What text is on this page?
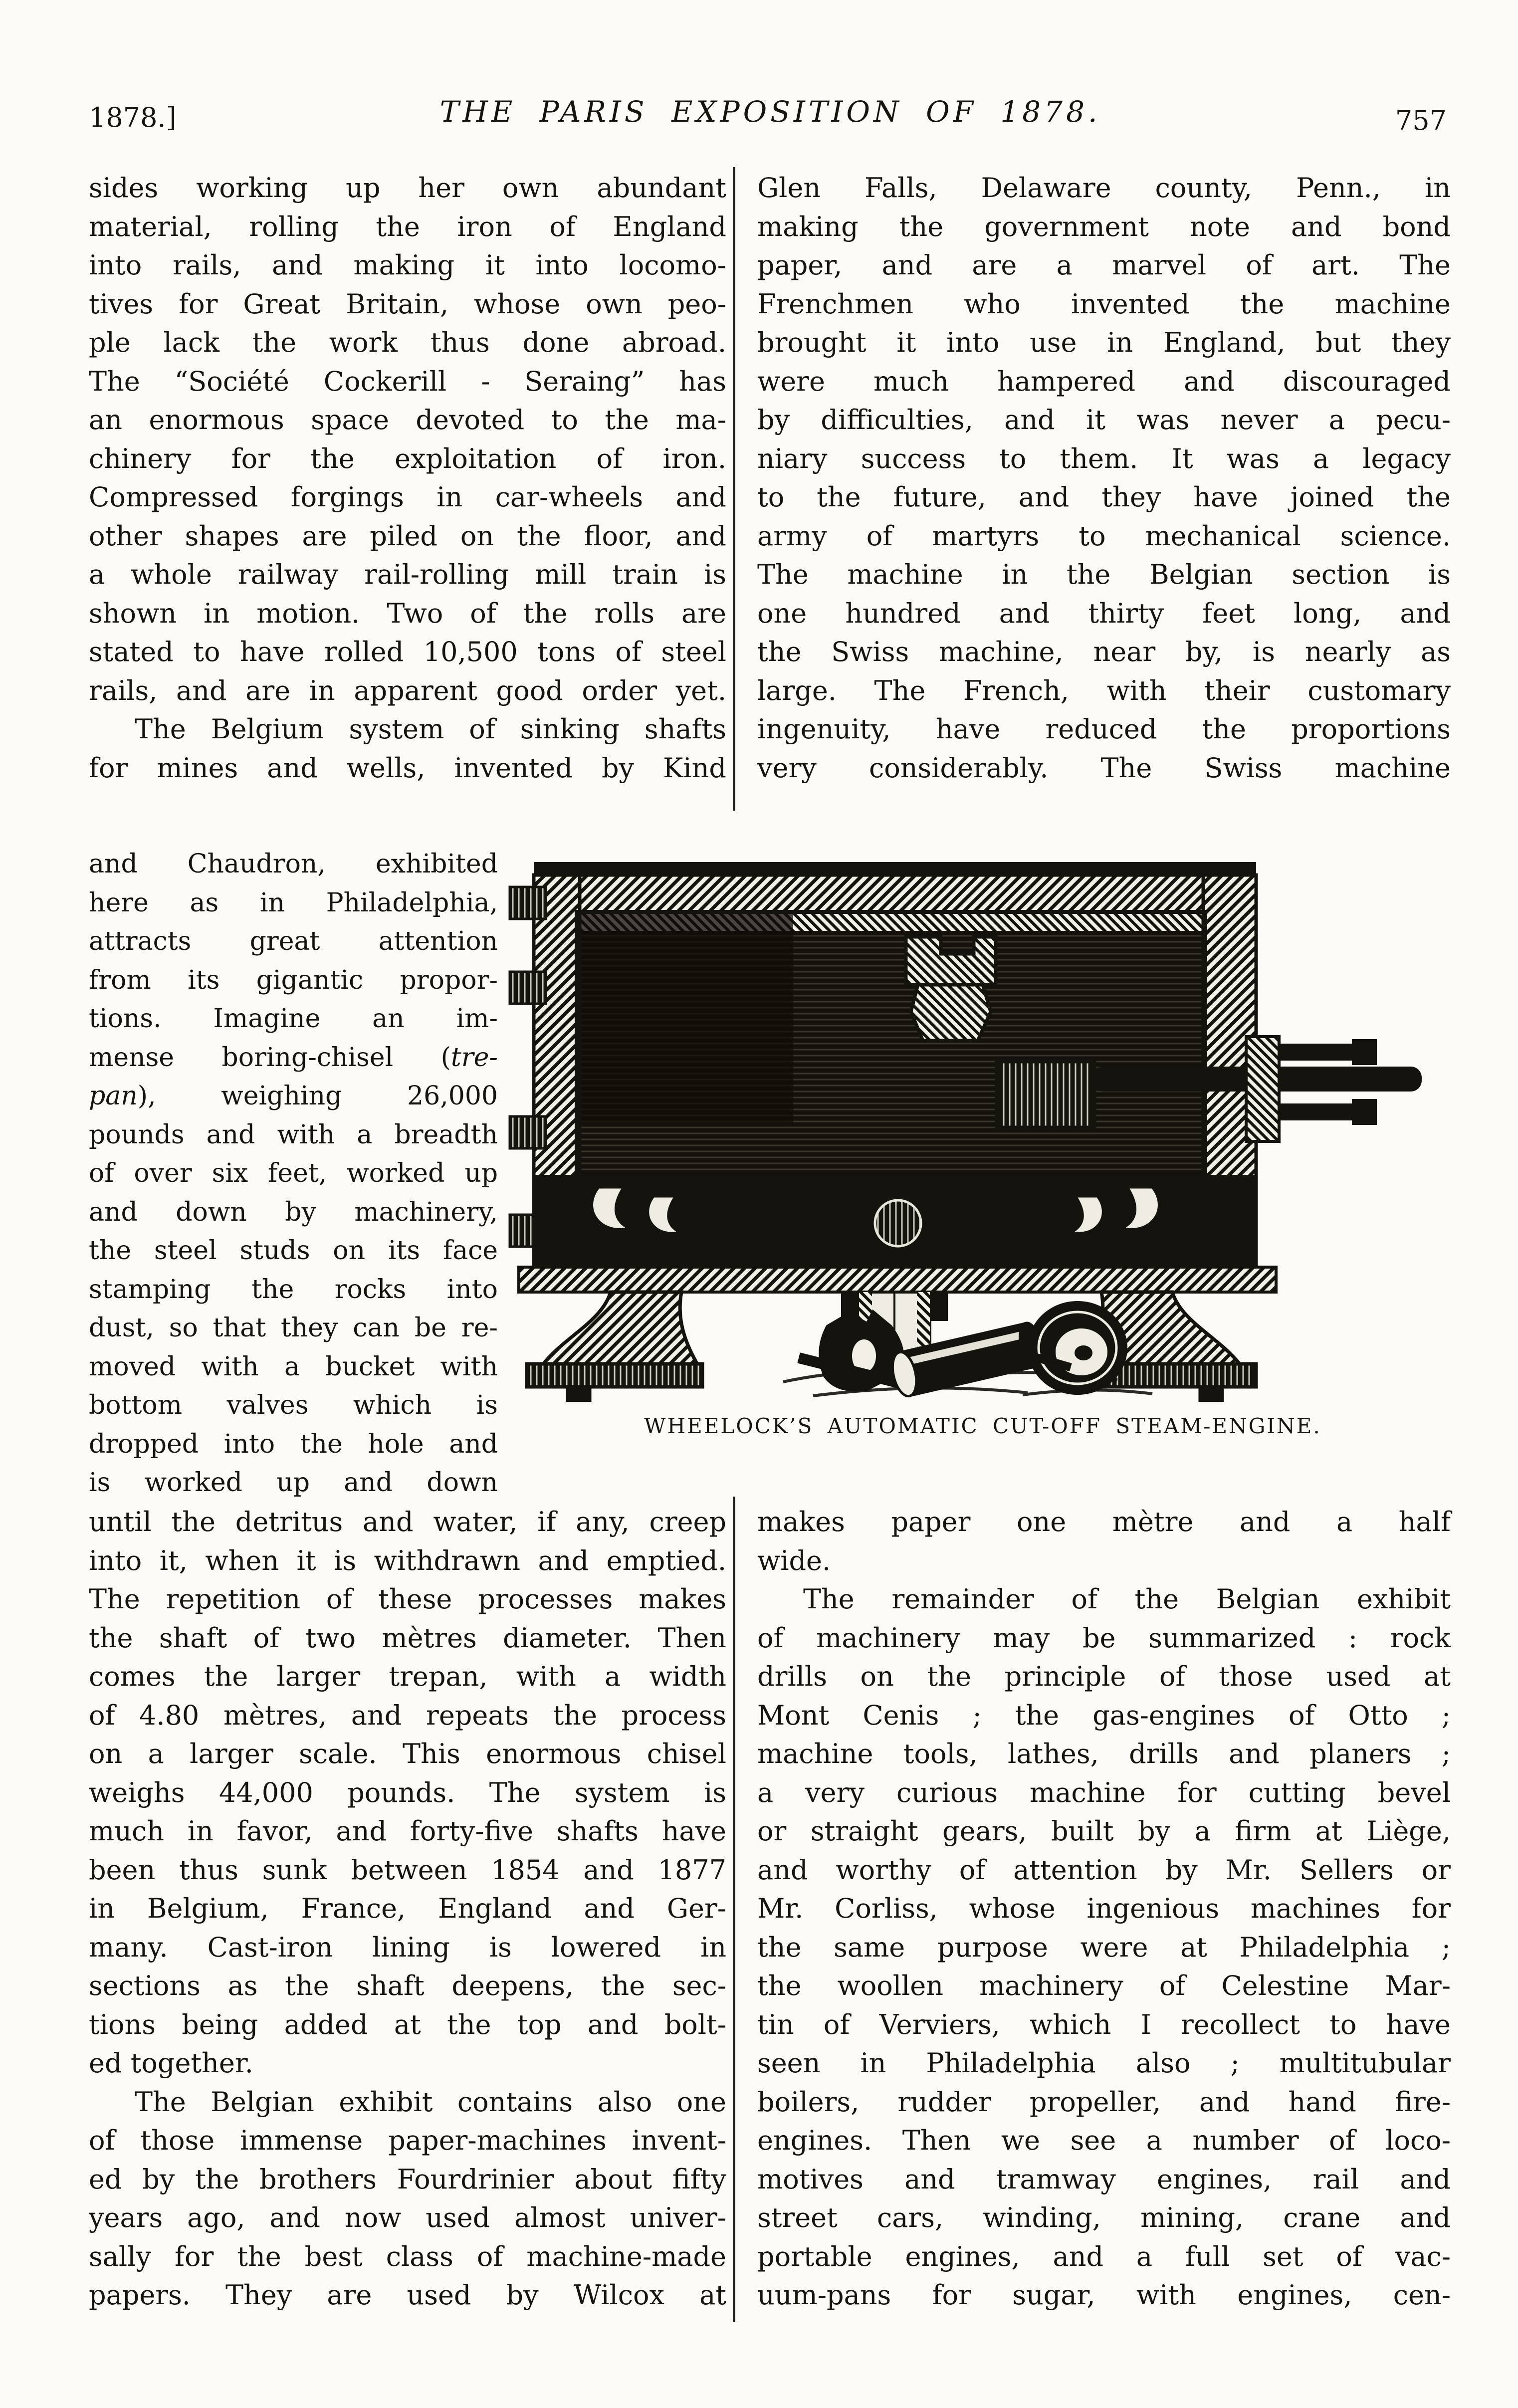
1878.]	THE PARIS EXPOSITION OF 1878.	757
sides working up her own abundant
material, rolling the iron of England
into rails, and making it into locomo-
tives for Great Britain, whose own peo-
ple lack the work thus done abroad.
The “Société Cockerill - Seraing” has
an enormous space devoted to the ma-
chinery for the exploitation of iron.
Compressed forgings in car-wheels and
other shapes are piled on the floor, and
a whole railway rail-rolling mill train is
shown in motion. Two of the rolls are
stated to have rolled 10,500 tons of steel
rails, and are in apparent good order yet.
The Belgium system of sinking shafts
for mines and wells, invented by Kind
Glen Falls, Delaware county, Penn., in
making the government note and bond
paper, and are a marvel of art. The
Frenchmen who invented the machine
brought it into use in England, but they
were much hampered and discouraged
by difficulties, and it was never a pecu-
niary success to them. It was a legacy
to the future, and they have joined the
army of martyrs to mechanical science.
The machine in the Belgian section is
one hundred and thirty feet long, and
the Swiss machine, near by, is nearly as
large. The French, with their customary
ingenuity, have reduced the proportions
very considerably. The Swiss machine
and Chaudron, exhibited
here as in Philadelphia,
attracts great attention
from its gigantic propor-
tions. Imagine an im-
mense boring-chisel (tre-
pan), weighing 26,000
pounds and with a breadth
of over six feet, worked up
and down by machinery,
the steel studs on its face
stamping the rocks into
dust, so that they can be re-
moved with a bucket with
bottom valves which is
dropped into the hole and
is worked up and down
until the detritus and water, if any, creep
into it, when it is withdrawn and emptied.
The repetition of these processes makes
the shaft of two mètres diameter. Then
comes the larger trepan, with a width
of 4.80 mètres, and repeats the process
on a larger scale. This enormous chisel
weighs 44,000 pounds. The system is
much in favor, and forty-five shafts have
been thus sunk between 1854 and 1877
in Belgium, France, England and Ger-
many. Cast-iron lining is lowered in
sections as the shaft deepens, the sec-
tions being added at the top and bolt-
ed together.
The Belgian exhibit contains also one
of those immense paper-machines invent-
ed by the brothers Fourdrinier about fifty
years ago, and now used almost univer-
sally for the best class of machine-made
papers. They are used by Wilcox at
makes paper one mètre and a half
wide.
The remainder of the Belgian exhibit
of machinery may be summarized : rock
drills on the principle of those used at
Mont Cenis ; the gas-engines of Otto ;
machine tools, lathes, drills and planers ;
a very curious machine for cutting bevel
or straight gears, built by a firm at Liège,
and worthy of attention by Mr. Sellers or
Mr. Corliss, whose ingenious machines for
the same purpose were at Philadelphia ;
the woollen machinery of Celestine Mar-
tin of Verviers, which I recollect to have
seen in Philadelphia also ; multitubular
boilers, rudder propeller, and hand fire-
engines. Then we see a number of loco-
motives and tramway engines, rail and
street cars, winding, mining, crane and
portable engines, and a full set of vac-
uum-pans for sugar, with engines, cen-
WHEELOCK’S AUTOMATIC CUT-OFF STEAM-ENGINE.
